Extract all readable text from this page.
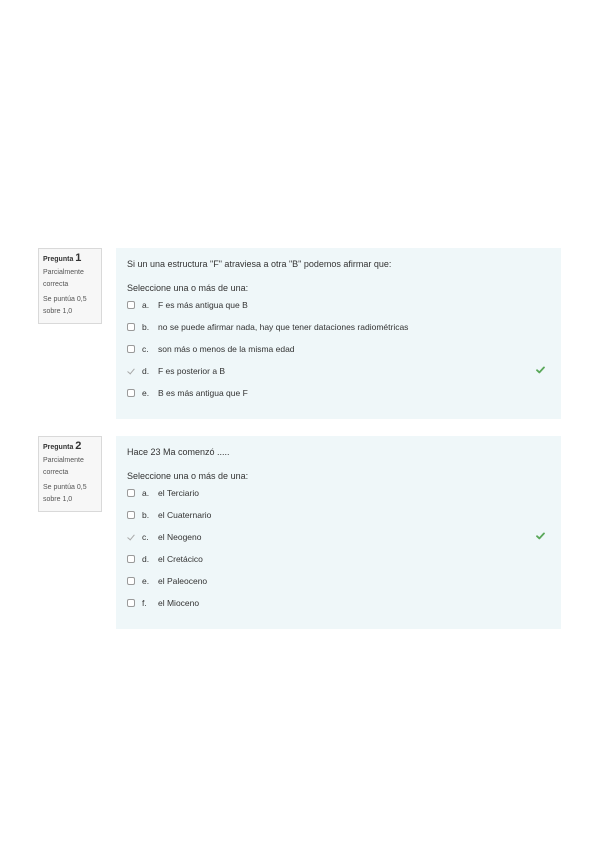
Pregunta 1
Parcialmente correcta
Se puntúa 0,5 sobre 1,0
Si un una estructura "F" atraviesa a otra "B" podemos afirmar que:
Seleccione una o más de una:
a.	F es más antigua que B
b.	no se puede afirmar nada, hay que tener dataciones radiométricas
c.	son más o menos de la misma edad
d.	F es posterior a B
e.	B es más antigua que F
Pregunta 2
Parcialmente correcta
Se puntúa 0,5 sobre 1,0
Hace 23 Ma comenzó .....
Seleccione una o más de una:
a.	el Terciario
b.	el Cuaternario
c.	el Neogeno
d.	el Cretácico
e.	el Paleoceno
f.	el Mioceno
